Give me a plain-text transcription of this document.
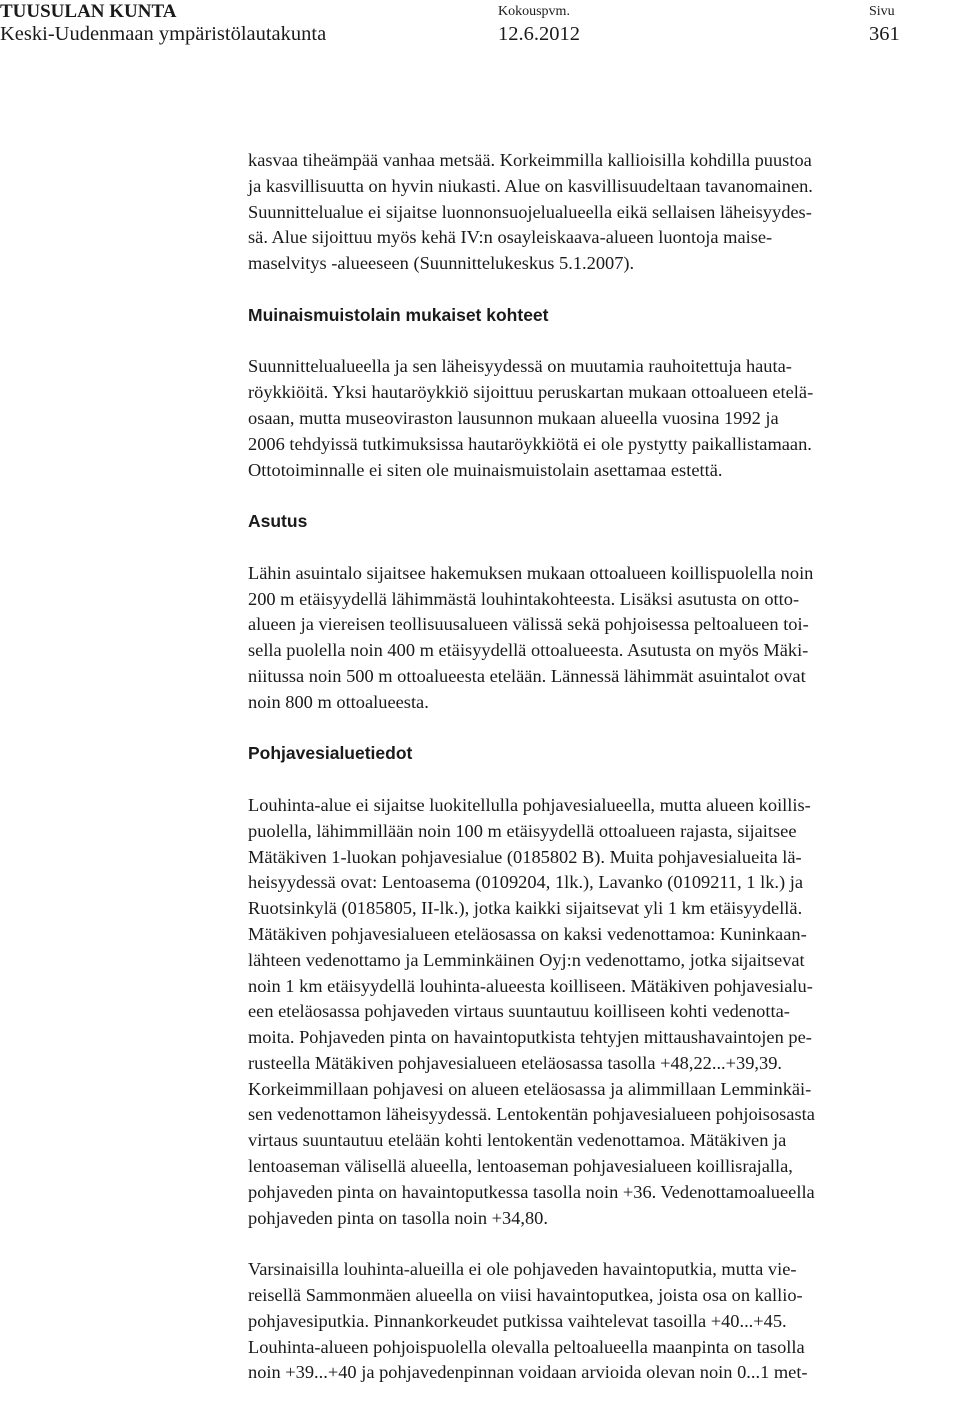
TUUSULAN KUNTA
Keski-Uudenmaan ympäristölautakunta
Kokouspvm.
12.6.2012
Sivu
361

kasvaa tiheämpää vanhaa metsää. Korkeimmilla kallioisilla kohdilla puustoa
ja kasvillisuutta on hyvin niukasti. Alue on kasvillisuudeltaan tavanomainen.
Suunnittelualue ei sijaitse luonnonsuojelualueella eikä sellaisen läheisyydes-
sä. Alue sijoittuu myös kehä IV:n osayleiskaava-alueen luontoja maise-
maselvitys -alueeseen (Suunnittelukeskus 5.1.2007).

Muinaismuistolain mukaiset kohteet

Suunnittelualueella ja sen läheisyydessä on muutamia rauhoitettuja hauta-
röykkiöitä. Yksi hautaröykkiö sijoittuu peruskartan mukaan ottoalueen etelä-
osaan, mutta museoviraston lausunnon mukaan alueella vuosina 1992 ja
2006 tehdyissä tutkimuksissa hautaröykkiötä ei ole pystytty paikallistamaan.
Ottotoiminnalle ei siten ole muinaismuistolain asettamaa estettä.

Asutus

Lähin asuintalo sijaitsee hakemuksen mukaan ottoalueen koillispuolella noin
200 m etäisyydellä lähimmästä louhintakohteesta. Lisäksi asutusta on otto-
alueen ja viereisen teollisuusalueen välissä sekä pohjoisessa peltoalueen toi-
sella puolella noin 400 m etäisyydellä ottoalueesta. Asutusta on myös Mäki-
niitussa noin 500 m ottoalueesta etelään. Lännessä lähimmät asuintalot ovat
noin 800 m ottoalueesta.

Pohjavesialuetiedot

Louhinta-alue ei sijaitse luokitellulla pohjavesialueella, mutta alueen koillis-
puolella, lähimmillään noin 100 m etäisyydellä ottoalueen rajasta, sijaitsee
Mätäkiven 1-luokan pohjavesialue (0185802 B). Muita pohjavesialueita lä-
heisyydessä ovat: Lentoasema (0109204, 1lk.), Lavanko (0109211, 1 lk.) ja
Ruotsinkylä (0185805, II-lk.), jotka kaikki sijaitsevat yli 1 km etäisyydellä.
Mätäkiven pohjavesialueen eteläosassa on kaksi vedenottamoa: Kuninkaan-
lähteen vedenottamo ja Lemminkäinen Oyj:n vedenottamo, jotka sijaitsevat
noin 1 km etäisyydellä louhinta-alueesta koilliseen. Mätäkiven pohjavesialu-
een eteläosassa pohjaveden virtaus suuntautuu koilliseen kohti vedenotta-
moita. Pohjaveden pinta on havaintoputkista tehtyjen mittaushavaintojen pe-
rusteella Mätäkiven pohjavesialueen eteläosassa tasolla +48,22...+39,39.
Korkeimmillaan pohjavesi on alueen eteläosassa ja alimmillaan Lemminkäi-
sen vedenottamon läheisyydessä. Lentokentän pohjavesialueen pohjoisosasta
virtaus suuntautuu etelään kohti lentokentän vedenottamoa. Mätäkiven ja
lentoaseman välisellä alueella, lentoaseman pohjavesialueen koillisrajalla,
pohjaveden pinta on havaintoputkessa tasolla noin +36. Vedenottamoalueella
pohjaveden pinta on tasolla noin +34,80.

Varsinaisilla louhinta-alueilla ei ole pohjaveden havaintoputkia, mutta vie-
reisellä Sammonmäen alueella on viisi havaintoputkea, joista osa on kallio-
pohjavesiputkia. Pinnankorkeudet putkissa vaihtelevat tasoilla +40...+45.
Louhinta-alueen pohjoispuolella olevalla peltoalueella maanpinta on tasolla
noin +39...+40 ja pohjavedenpinnan voidaan arvioida olevan noin 0...1 met-
